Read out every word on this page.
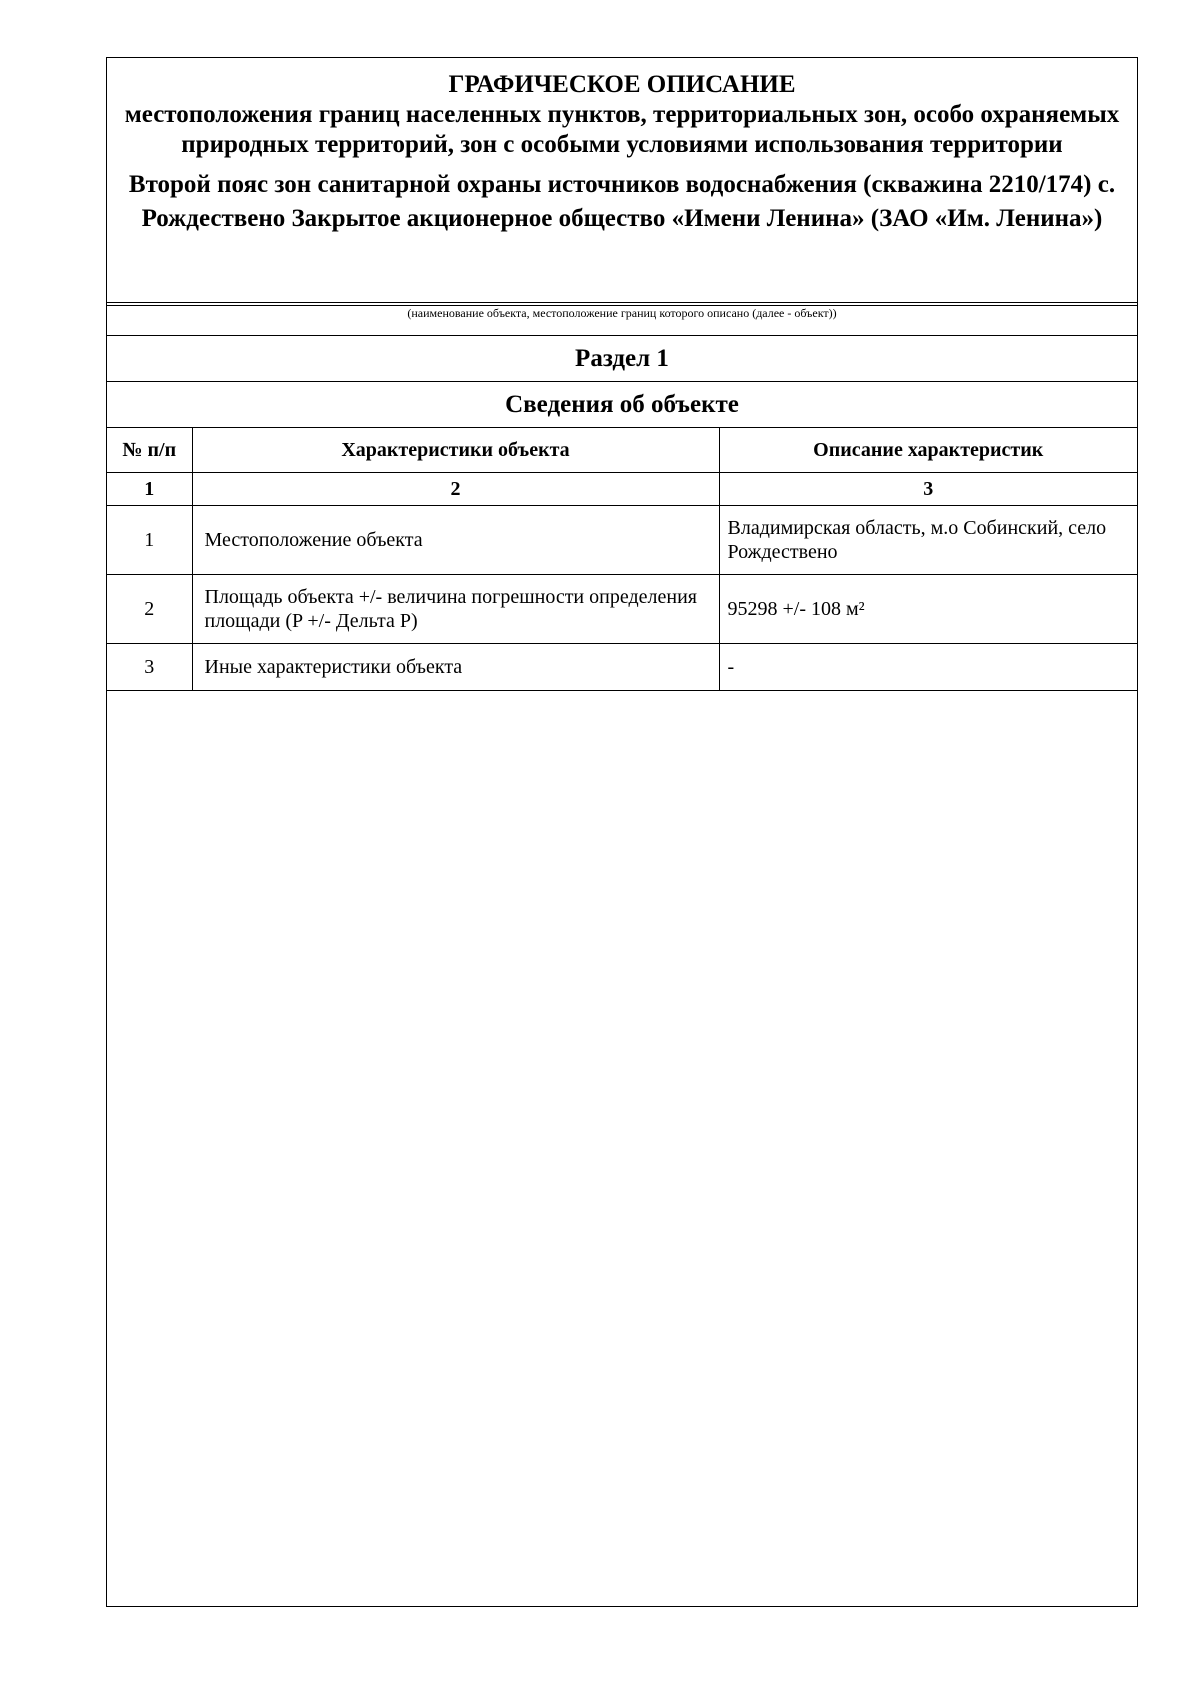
ГРАФИЧЕСКОЕ ОПИСАНИЕ
местоположения границ населенных пунктов, территориальных зон, особо охраняемых природных территорий, зон с особыми условиями использования территории
Второй пояс зон санитарной охраны источников водоснабжения (скважина 2210/174) с. Рождествено Закрытое акционерное общество «Имени Ленина» (ЗАО «Им. Ленина»)
(наименование объекта, местоположение границ которого описано (далее - объект))
Раздел 1
Сведения об объекте
№ п/п	Характеристики объекта	Описание характеристик
1	2	3
1	Местоположение объекта	Владимирская область, м.о Собинский, село Рождествено
2	Площадь объекта +/- величина погрешности определения площади (P +/- Дельта P)	95298 +/- 108 м²
3	Иные характеристики объекта	-
